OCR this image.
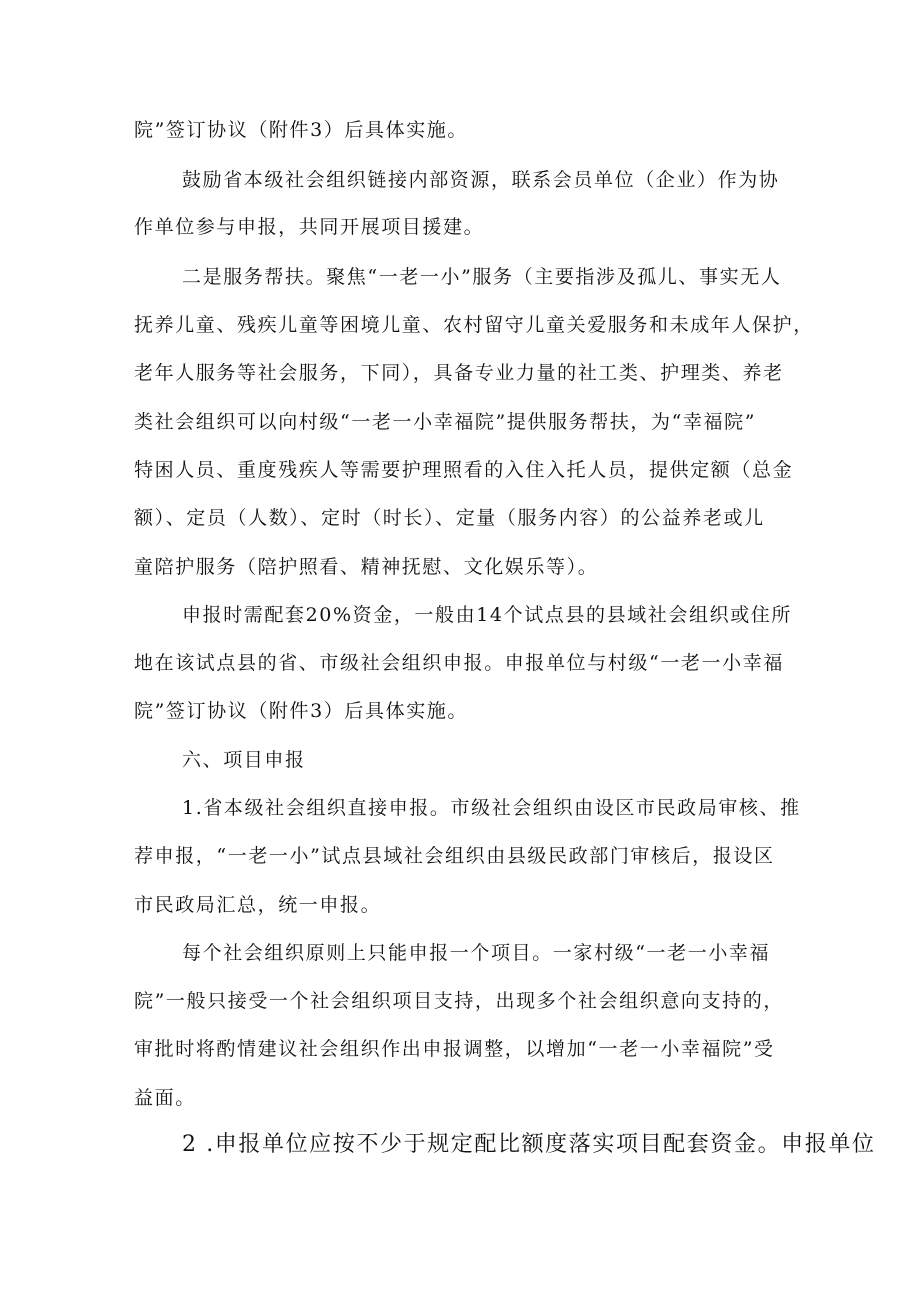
院”签订协议（附件3）后具体实施。
鼓励省本级社会组织链接内部资源，联系会员单位（企业）作为协
作单位参与申报，共同开展项目援建。
二是服务帮扶。聚焦“一老一小”服务（主要指涉及孤儿、事实无人
抚养儿童、残疾儿童等困境儿童、农村留守儿童关爱服务和未成年人保护，
老年人服务等社会服务，下同），具备专业力量的社工类、护理类、养老
类社会组织可以向村级“一老一小幸福院”提供服务帮扶，为“幸福院”
特困人员、重度残疾人等需要护理照看的入住入托人员，提供定额（总金
额）、定员（人数）、定时（时长）、定量（服务内容）的公益养老或儿
童陪护服务（陪护照看、精神抚慰、文化娱乐等）。
申报时需配套20%资金，一般由14个试点县的县域社会组织或住所
地在该试点县的省、市级社会组织申报。申报单位与村级“一老一小幸福
院”签订协议（附件3）后具体实施。
六、项目申报
1.省本级社会组织直接申报。市级社会组织由设区市民政局审核、推
荐申报，“一老一小”试点县域社会组织由县级民政部门审核后，报设区
市民政局汇总，统一申报。
每个社会组织原则上只能申报一个项目。一家村级“一老一小幸福
院”一般只接受一个社会组织项目支持，出现多个社会组织意向支持的，
审批时将酌情建议社会组织作出申报调整，以增加“一老一小幸福院”受
益面。
2 .申报单位应按不少于规定配比额度落实项目配套资金。申报单位
